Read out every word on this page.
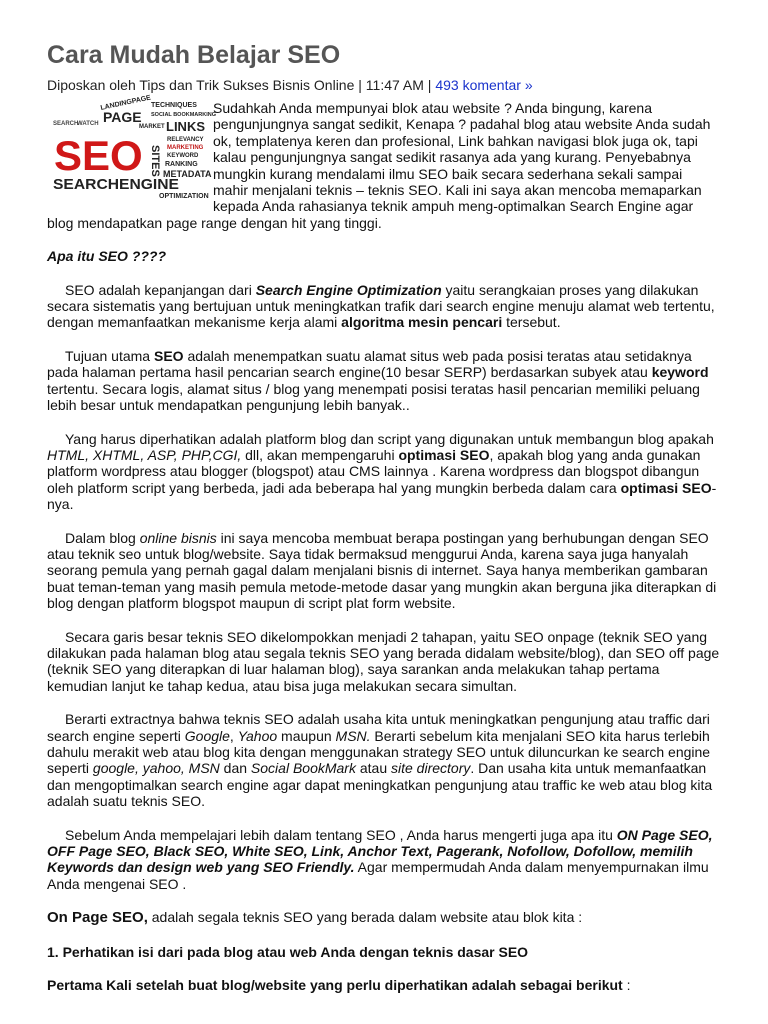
Cara Mudah Belajar SEO
Diposkan oleh Tips dan Trik Sukses Bisnis Online | 11:47 AM | 493 komentar »
LANDINGPAGE TECHNIQUES
PAGE SOCIAL BOOKMARKING
SEARCH
WATCH	MARKET LINKS
SEO SITES
RELEVANCY
MARKETING
KEYWORD
RANKING
METADATA
SEARCHENGINE
OPTIMIZATION

Sudahkah Anda mempunyai blok atau website ? Anda bingung, karena pengunjungnya sangat sedikit, Kenapa ? padahal blog atau website Anda sudah ok, templatenya keren dan profesional, Link bahkan navigasi blok juga ok, tapi kalau pengunjungnya sangat sedikit rasanya ada yang kurang. Penyebabnya mungkin kurang mendalami ilmu SEO baik secara sederhana sekali sampai mahir menjalani teknis – teknis SEO. Kali ini saya akan mencoba memaparkan kepada Anda rahasianya teknik ampuh meng-optimalkan Search Engine agar blog mendapatkan page range dengan hit yang tinggi.

Apa itu SEO ????

SEO adalah kepanjangan dari Search Engine Optimization yaitu serangkaian proses yang dilakukan secara sistematis yang bertujuan untuk meningkatkan trafik dari search engine menuju alamat web tertentu, dengan memanfaatkan mekanisme kerja alami algoritma mesin pencari tersebut.

Tujuan utama SEO adalah menempatkan suatu alamat situs web pada posisi teratas atau setidaknya pada halaman pertama hasil pencarian search engine(10 besar SERP) berdasarkan subyek atau keyword tertentu. Secara logis, alamat situs / blog yang menempati posisi teratas hasil pencarian memiliki peluang lebih besar untuk mendapatkan pengunjung lebih banyak..

Yang harus diperhatikan adalah platform blog dan script yang digunakan untuk membangun blog apakah HTML, XHTML, ASP, PHP,CGI, dll, akan mempengaruhi optimasi SEO, apakah blog yang anda gunakan platform wordpress atau blogger (blogspot) atau CMS lainnya . Karena wordpress dan blogspot dibangun oleh platform script yang berbeda, jadi ada beberapa hal yang mungkin berbeda dalam cara optimasi SEO-nya.

Dalam blog online bisnis ini saya mencoba membuat berapa postingan yang berhubungan dengan SEO atau teknik seo untuk blog/website. Saya tidak bermaksud menggurui Anda, karena saya juga hanyalah seorang pemula yang pernah gagal dalam menjalani bisnis di internet. Saya hanya memberikan gambaran buat teman-teman yang masih pemula metode-metode dasar yang mungkin akan berguna jika diterapkan di blog dengan platform blogspot maupun di script plat form website.

Secara garis besar teknis SEO dikelompokkan menjadi 2 tahapan, yaitu SEO onpage (teknik SEO yang dilakukan pada halaman blog atau segala teknis SEO yang berada didalam website/blog), dan SEO off page (teknik SEO yang diterapkan di luar halaman blog), saya sarankan anda melakukan tahap pertama kemudian lanjut ke tahap kedua, atau bisa juga melakukan secara simultan.

Berarti extractnya bahwa teknis SEO adalah usaha kita untuk meningkatkan pengunjung atau traffic dari search engine seperti Google, Yahoo maupun MSN. Berarti sebelum kita menjalani SEO kita harus terlebih dahulu merakit web atau blog kita dengan menggunakan strategy SEO untuk diluncurkan ke search engine seperti google, yahoo, MSN dan Social BookMark atau site directory. Dan usaha kita untuk memanfaatkan dan mengoptimalkan search engine agar dapat meningkatkan pengunjung atau traffic ke web atau blog kita adalah suatu teknis SEO.

Sebelum Anda mempelajari lebih dalam tentang SEO , Anda harus mengerti juga apa itu ON Page SEO, OFF Page SEO, Black SEO, White SEO, Link, Anchor Text, Pagerank, Nofollow, Dofollow, memilih Keywords dan design web yang SEO Friendly. Agar mempermudah Anda dalam menyempurnakan ilmu Anda mengenai SEO .

On Page SEO, adalah segala teknis SEO yang berada dalam website atau blok kita :

1. Perhatikan isi dari pada blog atau web Anda dengan teknis dasar SEO

Pertama Kali setelah buat blog/website yang perlu diperhatikan adalah sebagai berikut :
